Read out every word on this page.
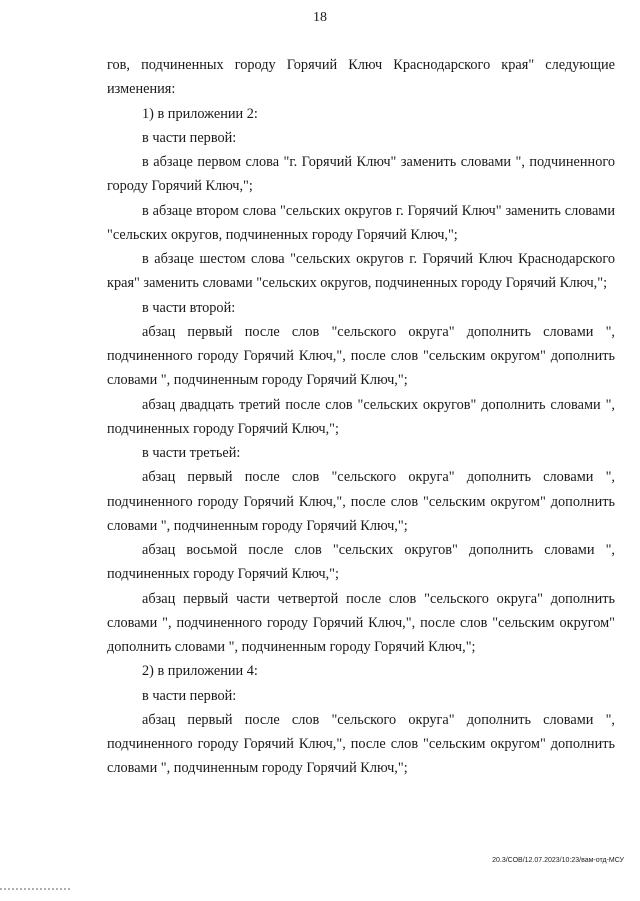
18

гов, подчиненных городу Горячий Ключ Краснодарского края" следующие изменения:

1) в приложении 2:

в части первой:

в абзаце первом слова "г. Горячий Ключ" заменить словами ", подчиненного городу Горячий Ключ,";

в абзаце втором слова "сельских округов г. Горячий Ключ" заменить словами "сельских округов, подчиненных городу Горячий Ключ,";

в абзаце шестом слова "сельских округов г. Горячий Ключ Краснодарского края" заменить словами "сельских округов, подчиненных городу Горячий Ключ,";

в части второй:

абзац первый после слов "сельского округа" дополнить словами ", подчиненного городу Горячий Ключ,", после слов "сельским округом" дополнить словами ", подчиненным городу Горячий Ключ,";

абзац двадцать третий после слов "сельских округов" дополнить словами ", подчиненных городу Горячий Ключ,";

в части третьей:

абзац первый после слов "сельского округа" дополнить словами ", подчиненного городу Горячий Ключ,", после слов "сельским округом" дополнить словами ", подчиненным городу Горячий Ключ,";

абзац восьмой после слов "сельских округов" дополнить словами ", подчиненных городу Горячий Ключ,";

абзац первый части четвертой после слов "сельского округа" дополнить словами ", подчиненного городу Горячий Ключ,", после слов "сельским округом" дополнить словами ", подчиненным городу Горячий Ключ,";

2) в приложении 4:

в части первой:

абзац первый после слов "сельского округа" дополнить словами ", подчиненного городу Горячий Ключ,", после слов "сельским округом" дополнить словами ", подчиненным городу Горячий Ключ,";

20.3/СОВ/12.07.2023/10:23/вам-отд-МСУ
